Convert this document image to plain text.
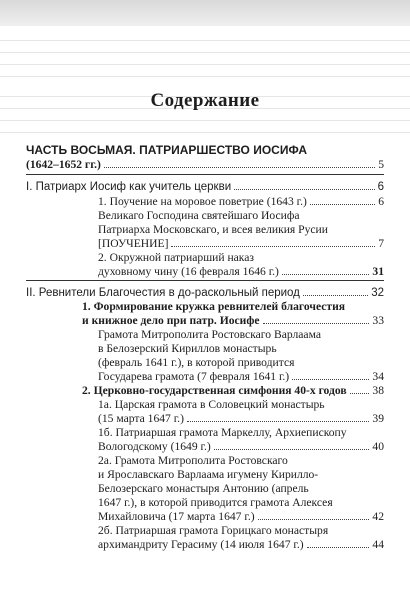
Содержание
ЧАСТЬ ВОСЬМАЯ. ПАТРИАРШЕСТВО ИОСИФА
(1642–1652 гг.)	5
I. Патриарх Иосиф как учитель церкви	6
1. Поучение на моровое поветрие (1643 г.)	6
Великаго Господина святейшаго Иосифа
Патриарха Московскаго, и всея великия Русии
[ПОУЧЕНИЕ]	7
2. Окружной патриарший наказ
духовному чину (16 февраля 1646 г.)	31
II. Ревнители Благочестия в до-раскольный период	32
1. Формирование кружка ревнителей благочестия
и книжное дело при патр. Иосифе	33
Грамота Митрополита Ростовскаго Варлаама
в Белозерский Кириллов монастырь
(февраль 1641 г.), в которой приводится
Государева грамота (7 февраля 1641 г.)	34
2. Церковно-государственная симфония 40-х годов 38
1а. Царская грамота в Соловецкий монастырь
(15 марта 1647 г.)	39
1б. Патриаршая грамота Маркеллу, Архиепископу
Вологодскому (1649 г.)	40
2а. Грамота Митрополита Ростовскаго
и Ярославскаго Варлаама игумену Кирилло-
Белозерскаго монастыря Антонию (апрель
1647 г.), в которой приводится грамота Алексея
Михайловича (17 марта 1647 г.)	42
2б. Патриаршая грамота Горицкаго монастыря
архимандриту Герасиму (14 июля 1647 г.)	44
